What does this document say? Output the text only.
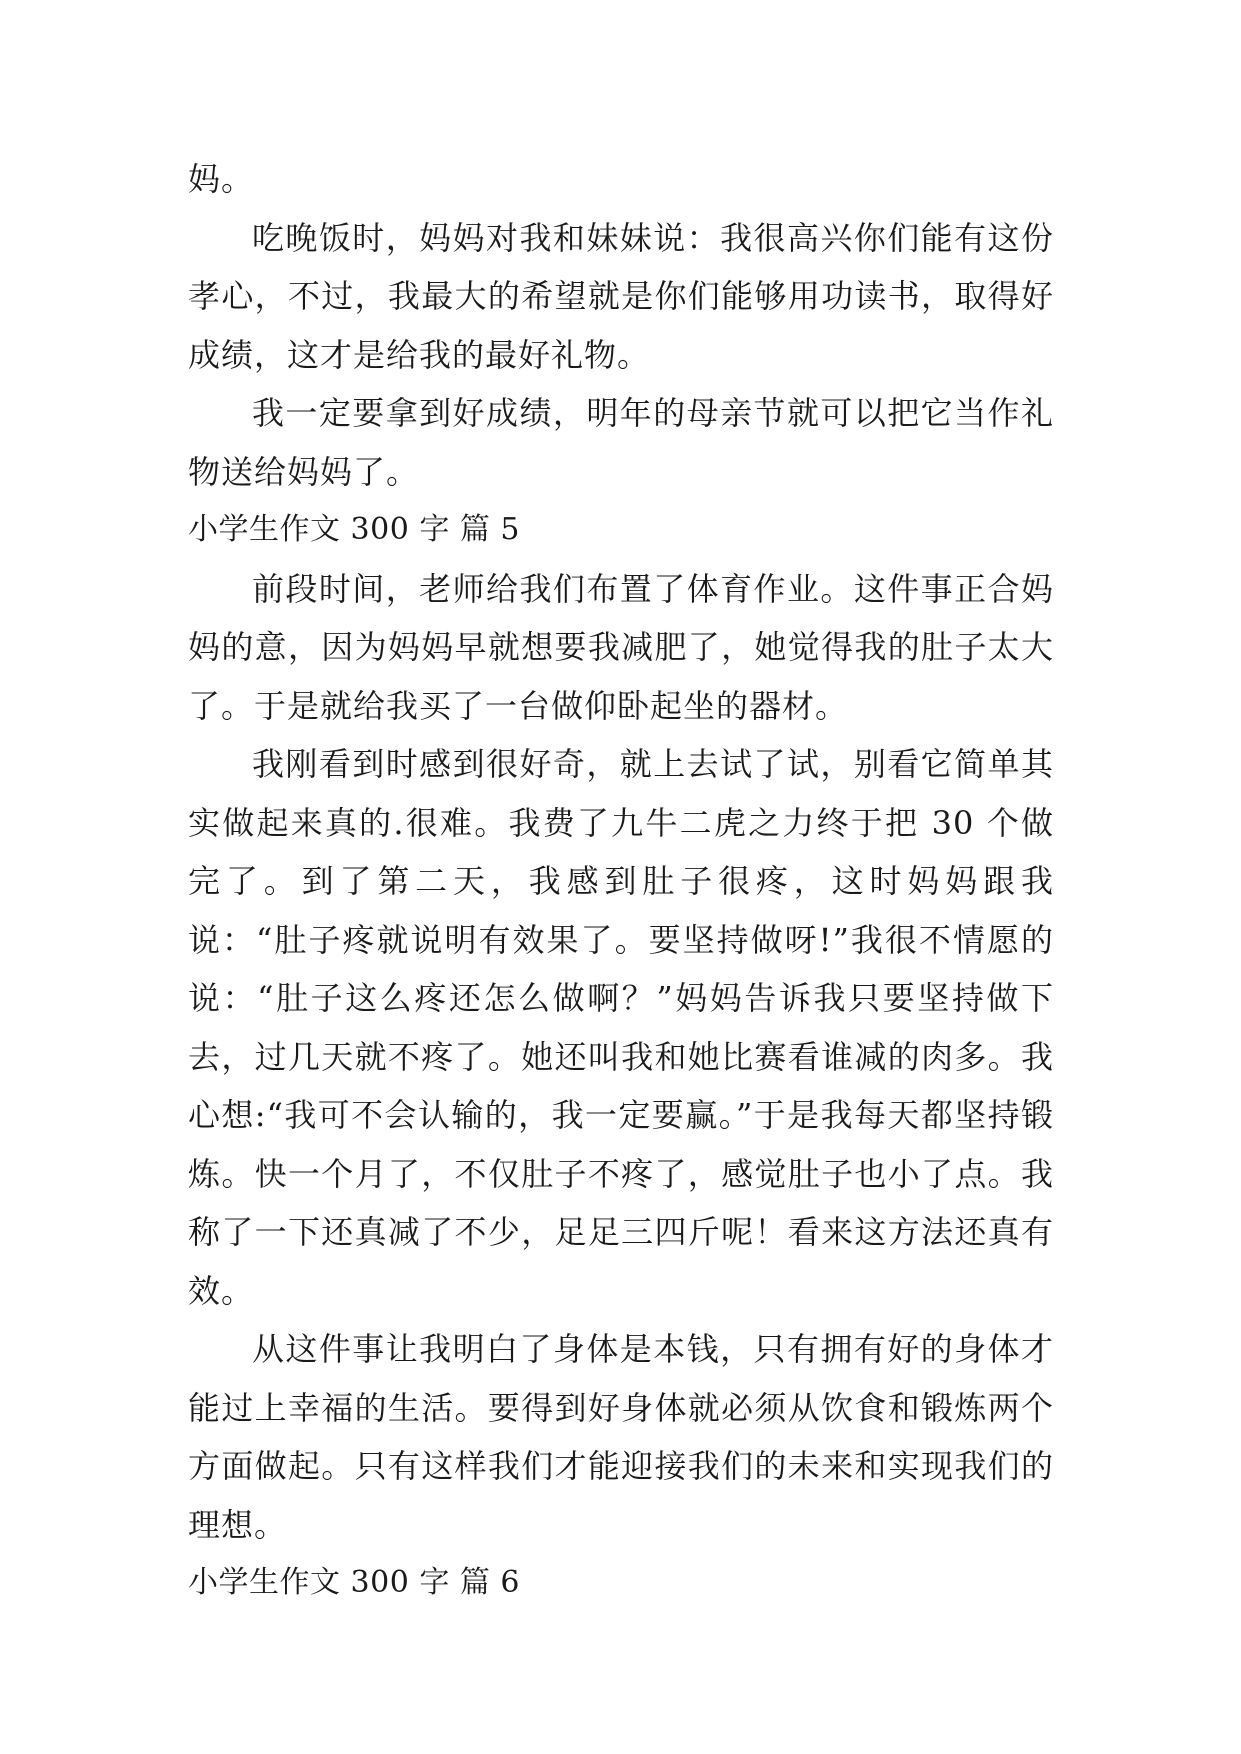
妈。

吃晚饭时，妈妈对我和妹妹说：我很高兴你们能有这份孝心，不过，我最大的希望就是你们能够用功读书，取得好成绩，这才是给我的最好礼物。

我一定要拿到好成绩，明年的母亲节就可以把它当作礼物送给妈妈了。

小学生作文 300 字 篇 5

前段时间，老师给我们布置了体育作业。这件事正合妈妈的意，因为妈妈早就想要我减肥了，她觉得我的肚子太大了。于是就给我买了一台做仰卧起坐的器材。

我刚看到时感到很好奇，就上去试了试，别看它简单其实做起来真的.很难。我费了九牛二虎之力终于把 30 个做完了。到了第二天，我感到肚子很疼，这时妈妈跟我说：“肚子疼就说明有效果了。要坚持做呀!”我很不情愿的说：“肚子这么疼还怎么做啊？”妈妈告诉我只要坚持做下去，过几天就不疼了。她还叫我和她比赛看谁减的肉多。我心想:“我可不会认输的，我一定要赢。”于是我每天都坚持锻炼。快一个月了，不仅肚子不疼了，感觉肚子也小了点。我称了一下还真减了不少，足足三四斤呢！看来这方法还真有效。

从这件事让我明白了身体是本钱，只有拥有好的身体才能过上幸福的生活。要得到好身体就必须从饮食和锻炼两个方面做起。只有这样我们才能迎接我们的未来和实现我们的理想。

小学生作文 300 字 篇 6
